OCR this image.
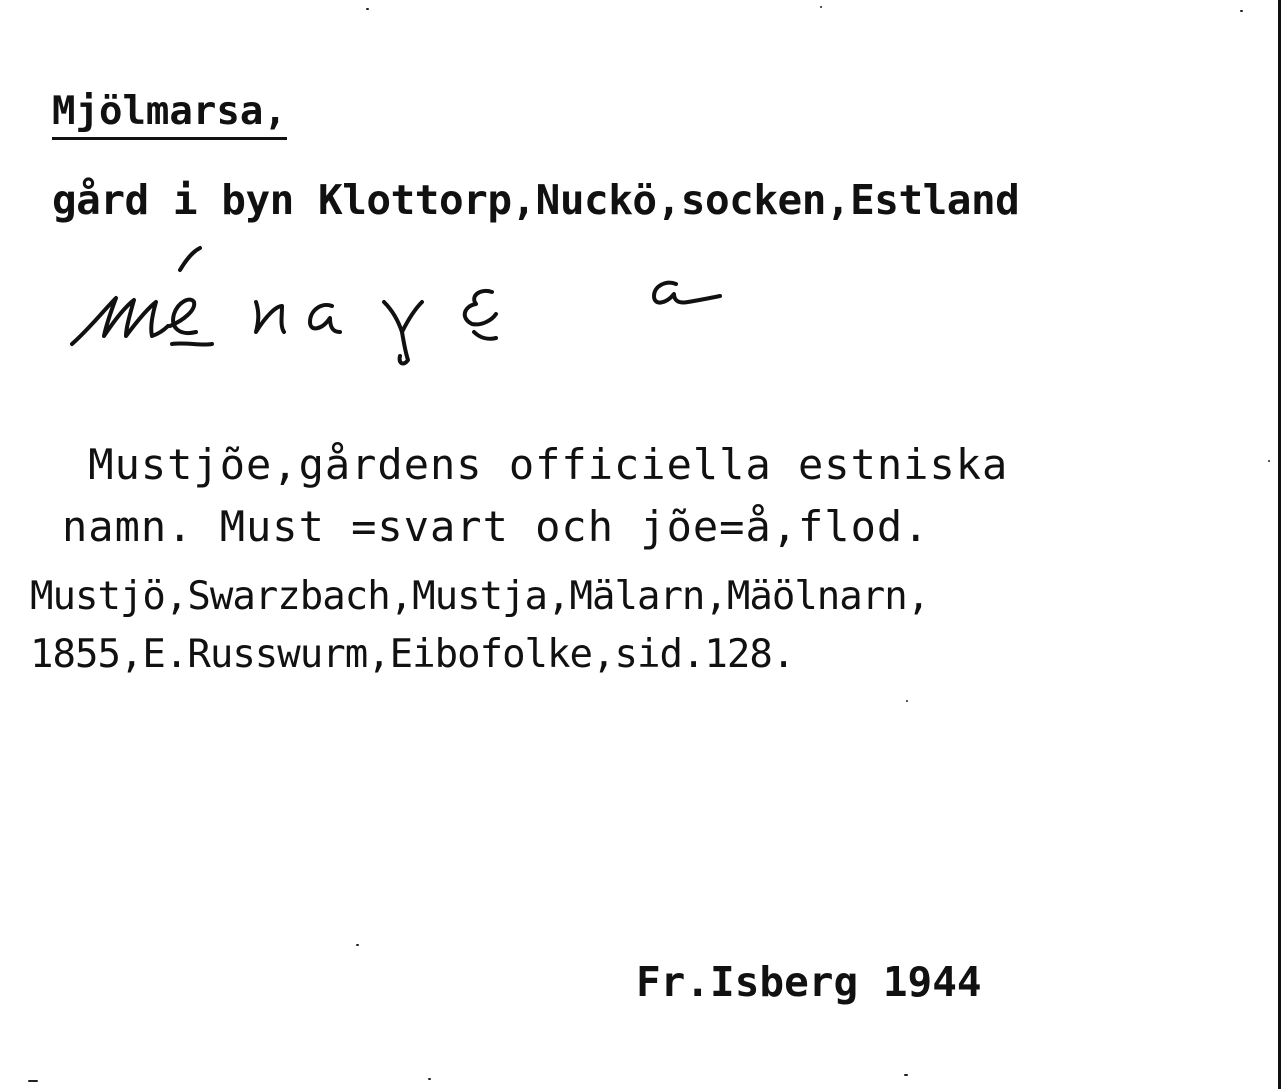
Mjölmarsa,

gård i byn Klottorp,Nuckö,socken,Estland

Mustjõe,gårdens officiella estniska
namn. Must =svart och jõe=å,flod.

Mustjö,Swarzbach,Mustja,Mälarn,Mäölnarn,
1855,E.Russwurm,Eibofolke,sid.128.

Fr.Isberg 1944
